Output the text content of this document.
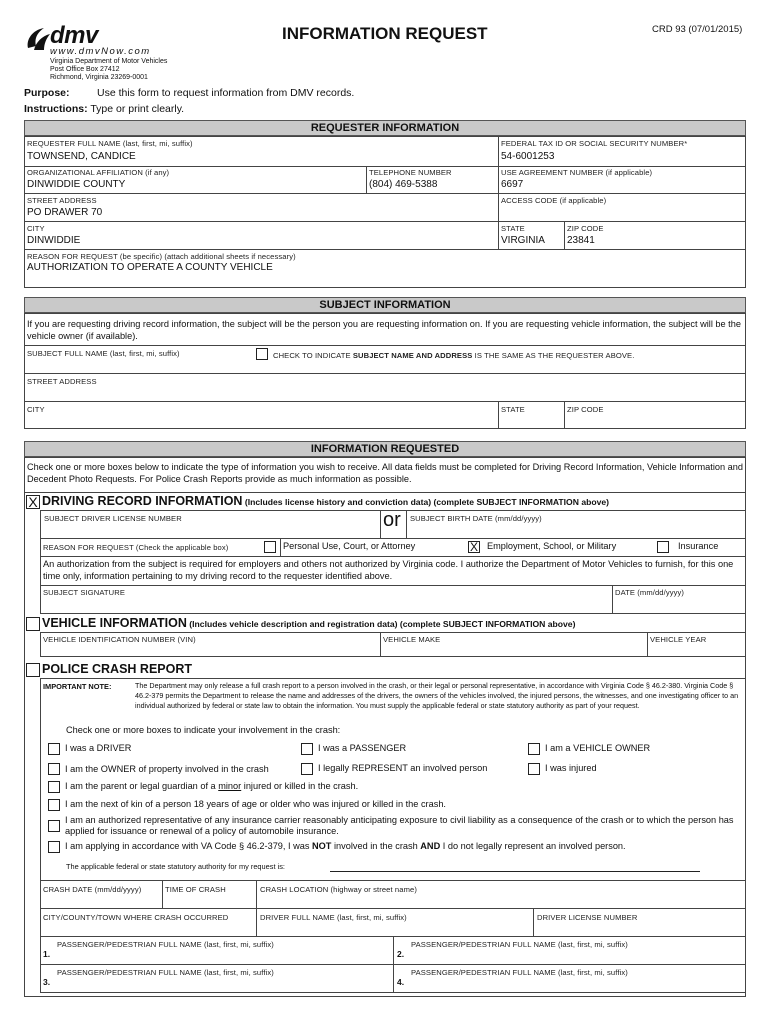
dmv
www.dmvNow.com
Virginia Department of Motor Vehicles
Post Office Box 27412
Richmond, Virginia 23269-0001
INFORMATION REQUEST	CRD 93 (07/01/2015)
Purpose:	Use this form to request information from DMV records.
Instructions: Type or print clearly.
REQUESTER INFORMATION
REQUESTER FULL NAME (last, first, mi, suffix)
TOWNSEND, CANDICE
FEDERAL TAX ID OR SOCIAL SECURITY NUMBER*
54-6001253
ORGANIZATIONAL AFFILIATION (if any)
DINWIDDIE COUNTY
TELEPHONE NUMBER
(804) 469-5388
USE AGREEMENT NUMBER (if applicable)
6697
STREET ADDRESS
PO DRAWER 70
ACCESS CODE (if applicable)
CITY
DINWIDDIE
STATE
VIRGINIA
ZIP CODE
23841
REASON FOR REQUEST (be specific) (attach additional sheets if necessary)
AUTHORIZATION TO OPERATE A COUNTY VEHICLE
SUBJECT INFORMATION
If you are requesting driving record information, the subject will be the person you are requesting information on. If you are requesting vehicle information, the subject will be the vehicle owner (if available).
SUBJECT FULL NAME (last, first, mi, suffix)	CHECK TO INDICATE SUBJECT NAME AND ADDRESS IS THE SAME AS THE REQUESTER ABOVE.
STREET ADDRESS
CITY	STATE	ZIP CODE
INFORMATION REQUESTED
Check one or more boxes below to indicate the type of information you wish to receive. All data fields must be completed for Driving Record Information, Vehicle Information and Decedent Photo Requests. For Police Crash Reports provide as much information as possible.
X DRIVING RECORD INFORMATION (Includes license history and conviction data) (complete SUBJECT INFORMATION above)
SUBJECT DRIVER LICENSE NUMBER	or SUBJECT BIRTH DATE (mm/dd/yyyy)
REASON FOR REQUEST (Check the applicable box)	Personal Use, Court, or Attorney	X Employment, School, or Military	Insurance
An authorization from the subject is required for employers and others not authorized by Virginia code. I authorize the Department of Motor Vehicles to furnish, for this one time only, information pertaining to my driving record to the requester identified above.
SUBJECT SIGNATURE	DATE (mm/dd/yyyy)
VEHICLE INFORMATION (Includes vehicle description and registration data) (complete SUBJECT INFORMATION above)
VEHICLE IDENTIFICATION NUMBER (VIN)	VEHICLE MAKE	VEHICLE YEAR
POLICE CRASH REPORT
IMPORTANT NOTE:	The Department may only release a full crash report to a person involved in the crash, or their legal or personal representative, in accordance with Virginia Code § 46.2-380. Virginia Code § 46.2-379 permits the Department to release the name and addresses of the drivers, the owners of the vehicles involved, the injured persons, the witnesses, and one investigating officer to an individual authorized by federal or state law to obtain the information. You must supply the applicable federal or state statutory authority as part of your request.
Check one or more boxes to indicate your involvement in the crash:
I was a DRIVER	I was a PASSENGER	I am a VEHICLE OWNER
I am the OWNER of property involved in the crash	I legally REPRESENT an involved person	I was injured
I am the parent or legal guardian of a minor injured or killed in the crash.
I am the next of kin of a person 18 years of age or older who was injured or killed in the crash.
I am an authorized representative of any insurance carrier reasonably anticipating exposure to civil liability as a consequence of the crash or to which the person has applied for issuance or renewal of a policy of automobile insurance.
I am applying in accordance with VA Code § 46.2-379, I was NOT involved in the crash AND I do not legally represent an involved person.
The applicable federal or state statutory authority for my request is:
CRASH DATE (mm/dd/yyyy)	TIME OF CRASH	CRASH LOCATION (highway or street name)
CITY/COUNTY/TOWN WHERE CRASH OCCURRED	DRIVER FULL NAME (last, first, mi, suffix)	DRIVER LICENSE NUMBER
1.
PASSENGER/PEDESTRIAN FULL NAME (last, first, mi, suffix)
2.
PASSENGER/PEDESTRIAN FULL NAME (last, first, mi, suffix)
3.
PASSENGER/PEDESTRIAN FULL NAME (last, first, mi, suffix)
4.
PASSENGER/PEDESTRIAN FULL NAME (last, first, mi, suffix)
